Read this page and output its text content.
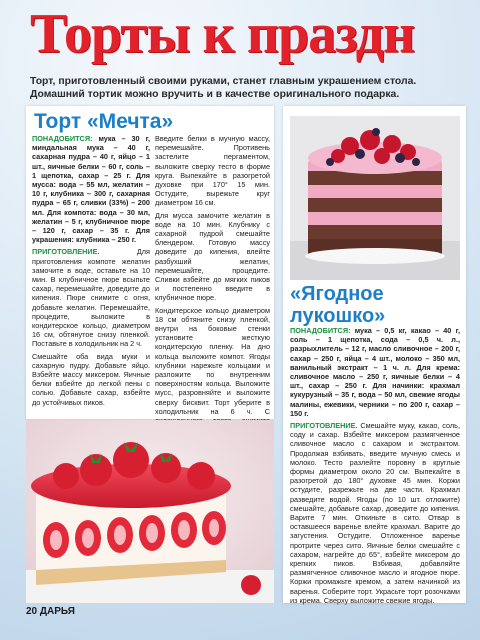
Торты к праздн
Торт, приготовленный своими руками, станет главным украшением стола. Домашний тортик можно вручить и в качестве оригинального подарка.
Торт «Мечта»

ПОНАДОБИТСЯ: мука – 30 г, миндальная мука – 40 г, сахарная пудра – 40 г, яйцо – 1 шт., яичные белки – 60 г, соль – 1 щепотка, сахар – 25 г. Для мусса: вода – 55 мл, желатин – 10 г, клубника – 300 г, сахарная пудра – 65 г, сливки (33%) – 200 мл. Для компота: вода – 30 мл, желатин – 5 г, клубничное пюре – 120 г, сахар – 35 г. Для украшения: клубника – 250 г.

ПРИГОТОВЛЕНИЕ. Для приготовления компоте желатин замочите в воде, оставьте на 10 мин. В клубничное пюре всыпьте сахар, перемешайте, доведите до кипения. Пюре снимите с огня, добавьте желатин. Перемешайте, процедите, выложите в кондитерское кольцо, диаметром 16 см, обтянутое снизу пленкой. Поставьте в холодильник на 2 ч.

Смешайте оба вида муки и сахарную пудру. Добавьте яйцо. Взбейте массу миксером. Яичные белки взбейте до легкой пены с солью. Добавьте сахар, взбейте до устойчивых пиков.

Введите белки в мучную массу, перемешайте. Противень застелите пергаментом, выложите сверху тесто в форме круга. Выпекайте в разогретой духовке при 170° 15 мин. Остудите, вырежьте круг диаметром 16 см.

Для мусса замочите желатин в воде на 10 мин. Клубнику с сахарной пудрой смешайте блендером. Готовую массу доведите до кипения, влейте разбухший желатин, перемешайте, процедите. Сливки взбейте до мягких пиков и постепенно введите в клубничное пюре.

Кондитерское кольцо диаметром 18 см обтяните снизу пленкой, внутри на боковые стенки установите жесткую кондитерскую пленку. На дно кольца выложите компот. Ягоды клубники нарежьте кольцами и разложите по внутренним поверхностям кольца. Выложите мусс, разровняйте и выложите сверху бисквит. Торт уберите в холодильник на 6 ч. С

«Ягодное лукошко»

ПОНАДОБИТСЯ: мука – 0,5 кг, какао – 40 г, соль – 1 щепотка, сода – 0,5 ч. л., разрыхлитель – 12 г, масло сливочное – 200 г, сахар – 250 г, яйца – 4 шт., молоко – 350 мл, ванильный экстракт – 1 ч. л. Для крема: сливочное масло – 250 г, яичные белки – 4 шт., сахар – 250 г. Для начинки: крахмал кукурузный – 35 г, вода – 50 мл, свежие ягоды малины, ежевики, черники – по 200 г, сахар – 150 г.

ПРИГОТОВЛЕНИЕ. Смешайте муку, какао, соль, соду и сахар. Взбейте миксером размягченное сливочное масло с сахаром и экстрактом. Продолжая взбивать, введите мучную смесь и молоко. Тесто разлейте поровну в круглые формы диаметром около 20 см. Выпекайте в разогретой до 180° духовке 45 мин. Коржи остудите, разрежьте на две части. Крахмал разведите водой. Ягоды (по 10 шт. отложите) смешайте, добавьте сахар, доведите до кипения. Варите 7 мин. Откиньте в сито. Отвар в оставшееся варенье влейте крахмал. Варите до загустения. Остудите. Отложенное варенье протрите через сито. Яичные белки смешайте с сахаром, нагрейте до 65°, взбейте миксером до крепких пиков. Взбивая, добавляйте размягченное сливочное масло и ягодное пюре. Коржи промажьте кремом, а затем начинкой из варенья. Соберите торт. Украсьте торт розочками из крема. Сверху выложите свежие ягоды.

20 ДАРЬЯ
